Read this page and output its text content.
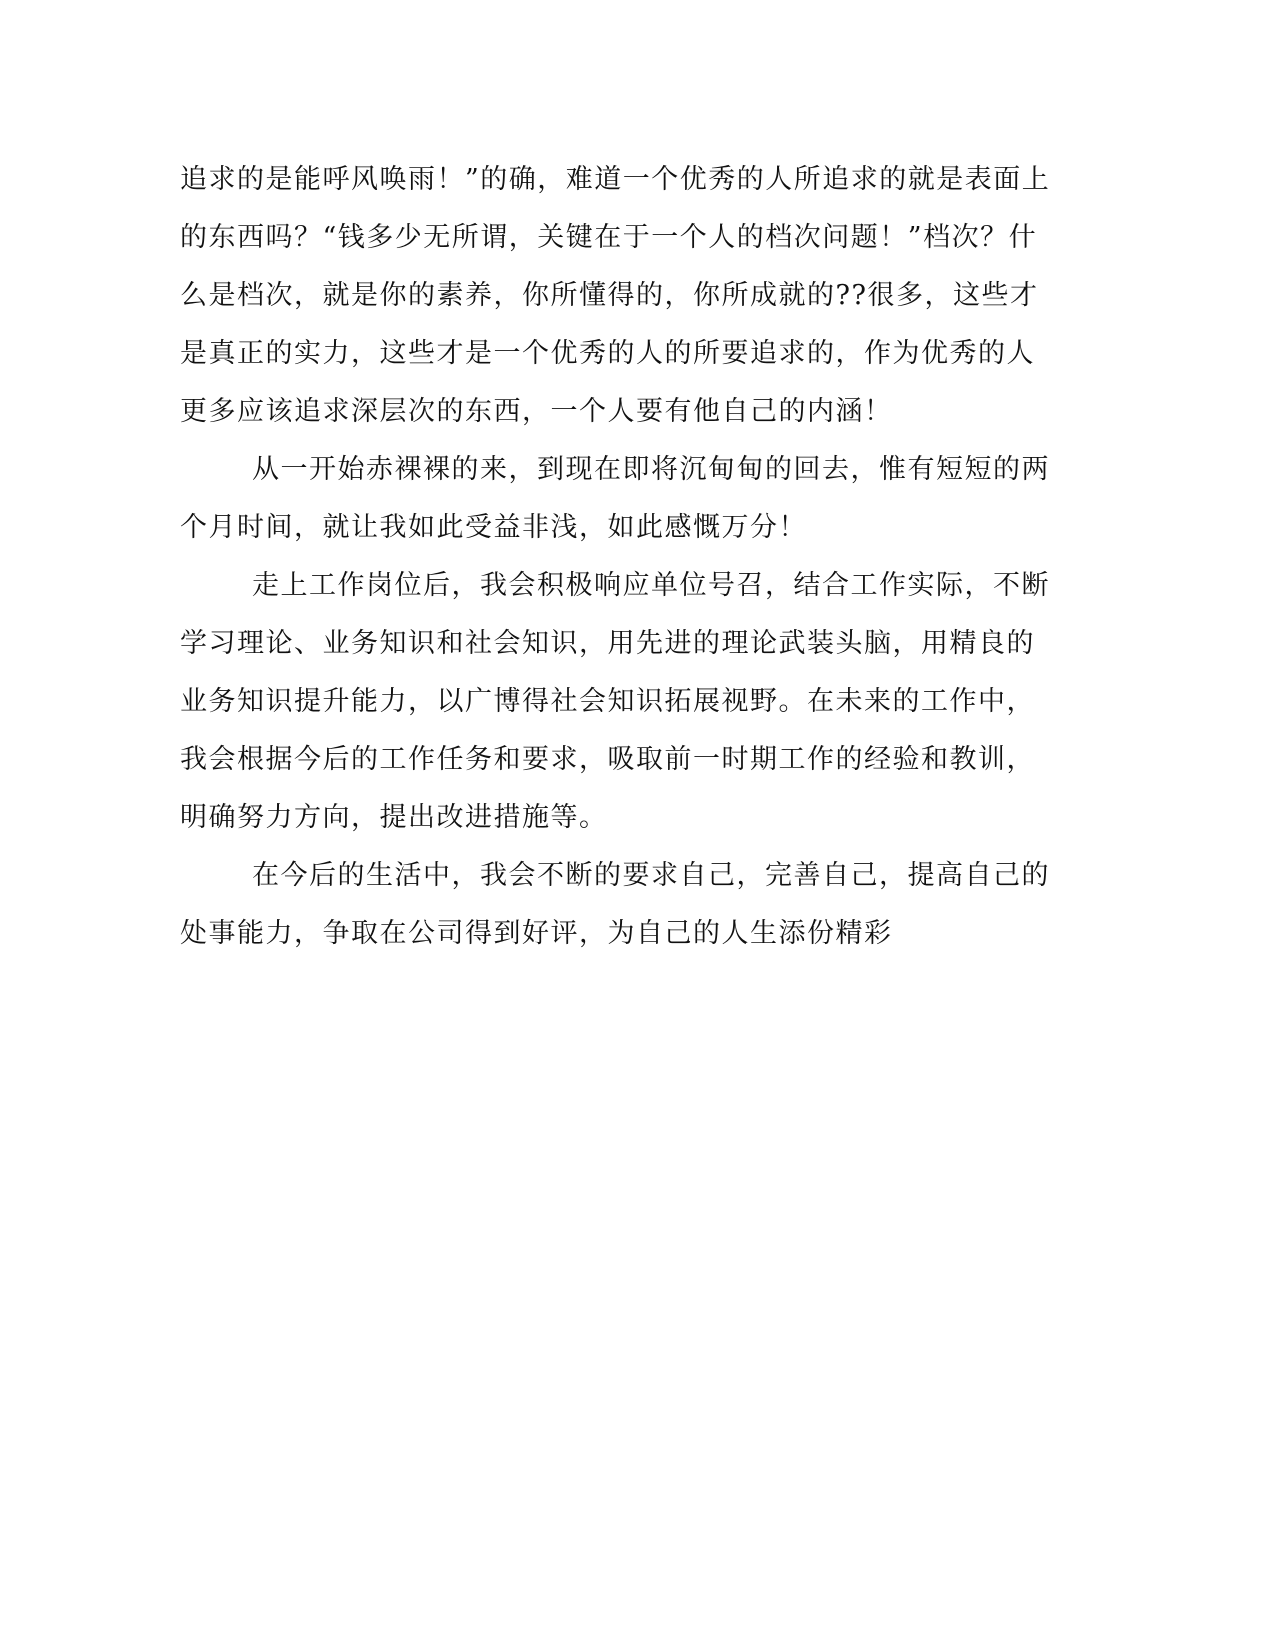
追求的是能呼风唤雨！”的确，难道一个优秀的人所追求的就是表面上
的东西吗？“钱多少无所谓，关键在于一个人的档次问题！”档次？什
么是档次，就是你的素养，你所懂得的，你所成就的??很多，这些才
是真正的实力，这些才是一个优秀的人的所要追求的，作为优秀的人
更多应该追求深层次的东西，一个人要有他自己的内涵！
从一开始赤裸裸的来，到现在即将沉甸甸的回去，惟有短短的两
个月时间，就让我如此受益非浅，如此感慨万分！
走上工作岗位后，我会积极响应单位号召，结合工作实际，不断
学习理论、业务知识和社会知识，用先进的理论武装头脑，用精良的
业务知识提升能力，以广博得社会知识拓展视野。在未来的工作中，
我会根据今后的工作任务和要求，吸取前一时期工作的经验和教训，
明确努力方向，提出改进措施等。
在今后的生活中，我会不断的要求自己，完善自己，提高自己的
处事能力，争取在公司得到好评，为自己的人生添份精彩
